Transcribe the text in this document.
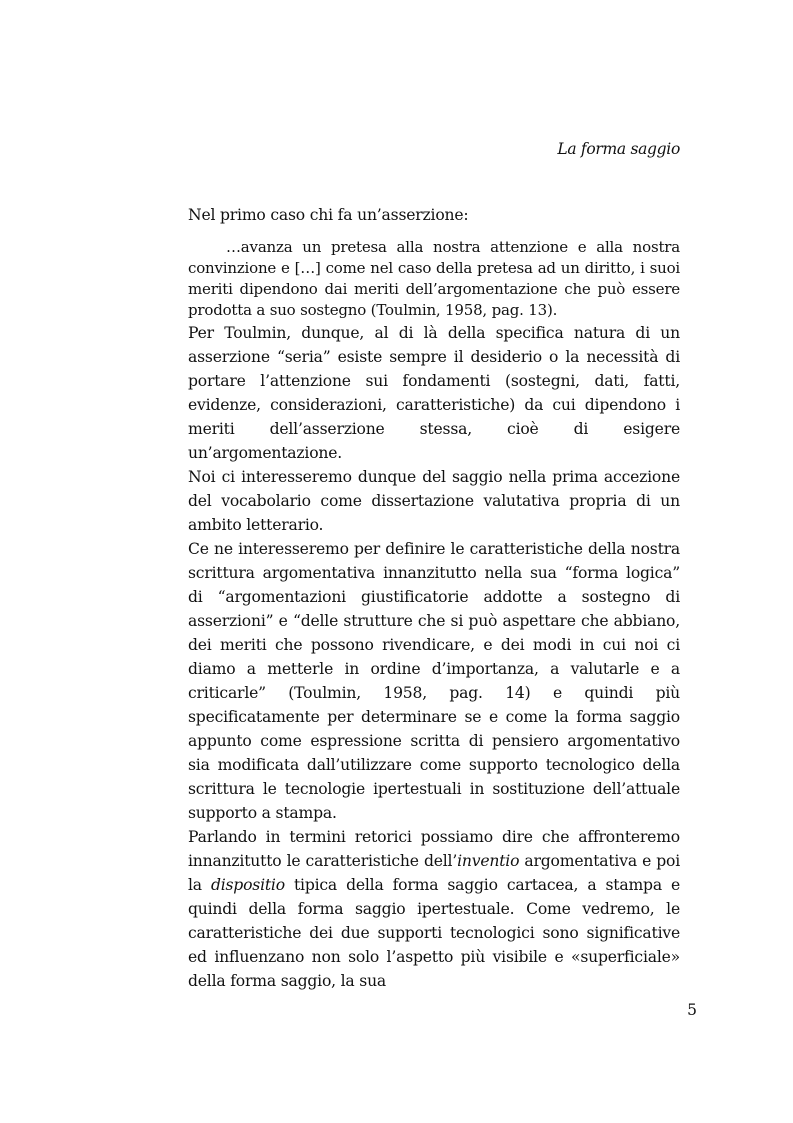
La forma saggio

Nel primo caso chi fa un’asserzione:

…avanza un pretesa alla nostra attenzione e alla nostra convinzione e […] come nel caso della pretesa ad un diritto, i suoi meriti dipendono dai meriti dell’argomentazione che può essere prodotta a suo sostegno (Toulmin, 1958, pag. 13).

Per Toulmin, dunque, al di là della specifica natura di un asserzione “seria” esiste sempre il desiderio o la necessità di portare l’attenzione sui fondamenti (sostegni, dati, fatti, evidenze, considerazioni, caratteristiche) da cui dipendono i meriti dell’asserzione stessa, cioè di esigere un’argomentazione.

Noi ci interesseremo dunque del saggio nella prima accezione del vocabolario come dissertazione valutativa propria di un ambito letterario.

Ce ne interesseremo per definire le caratteristiche della nostra scrittura argomentativa innanzitutto nella sua “forma logica” di “argomentazioni giustificatorie addotte a sostegno di asserzioni” e “delle strutture che si può aspettare che abbiano, dei meriti che possono rivendicare, e dei modi in cui noi ci diamo a metterle in ordine d’importanza, a valutarle e a criticarle” (Toulmin, 1958, pag. 14) e quindi più specificatamente per determinare se e come la forma saggio appunto come espressione scritta di pensiero argomentativo sia modificata dall’utilizzare come supporto tecnologico della scrittura le tecnologie ipertestuali in sostituzione dell’attuale supporto a stampa.

Parlando in termini retorici possiamo dire che affronteremo innanzitutto le caratteristiche dell’inventio argomentativa e poi la dispositio tipica della forma saggio cartacea, a stampa e quindi della forma saggio ipertestuale. Come vedremo, le caratteristiche dei due supporti tecnologici sono significative ed influenzano non solo l’aspetto più visibile e «superficiale» della forma saggio, la sua

5
